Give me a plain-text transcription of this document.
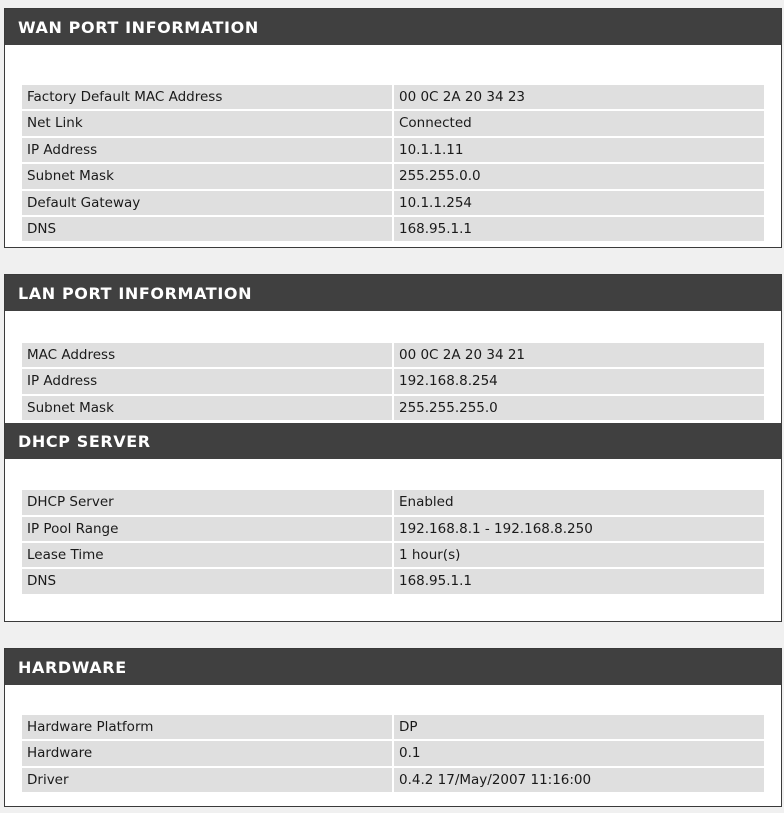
WAN PORT INFORMATION
Factory Default MAC Address	00 0C 2A 20 34 23
Net Link	Connected
IP Address	10.1.1.11
Subnet Mask	255.255.0.0
Default Gateway	10.1.1.254
DNS	168.95.1.1
LAN PORT INFORMATION
MAC Address	00 0C 2A 20 34 21
IP Address	192.168.8.254
Subnet Mask	255.255.255.0
DHCP SERVER
DHCP Server	Enabled
IP Pool Range	192.168.8.1 - 192.168.8.250
Lease Time	1 hour(s)
DNS	168.95.1.1
HARDWARE
Hardware Platform	DP
Hardware	0.1
Driver	0.4.2 17/May/2007 11:16:00
